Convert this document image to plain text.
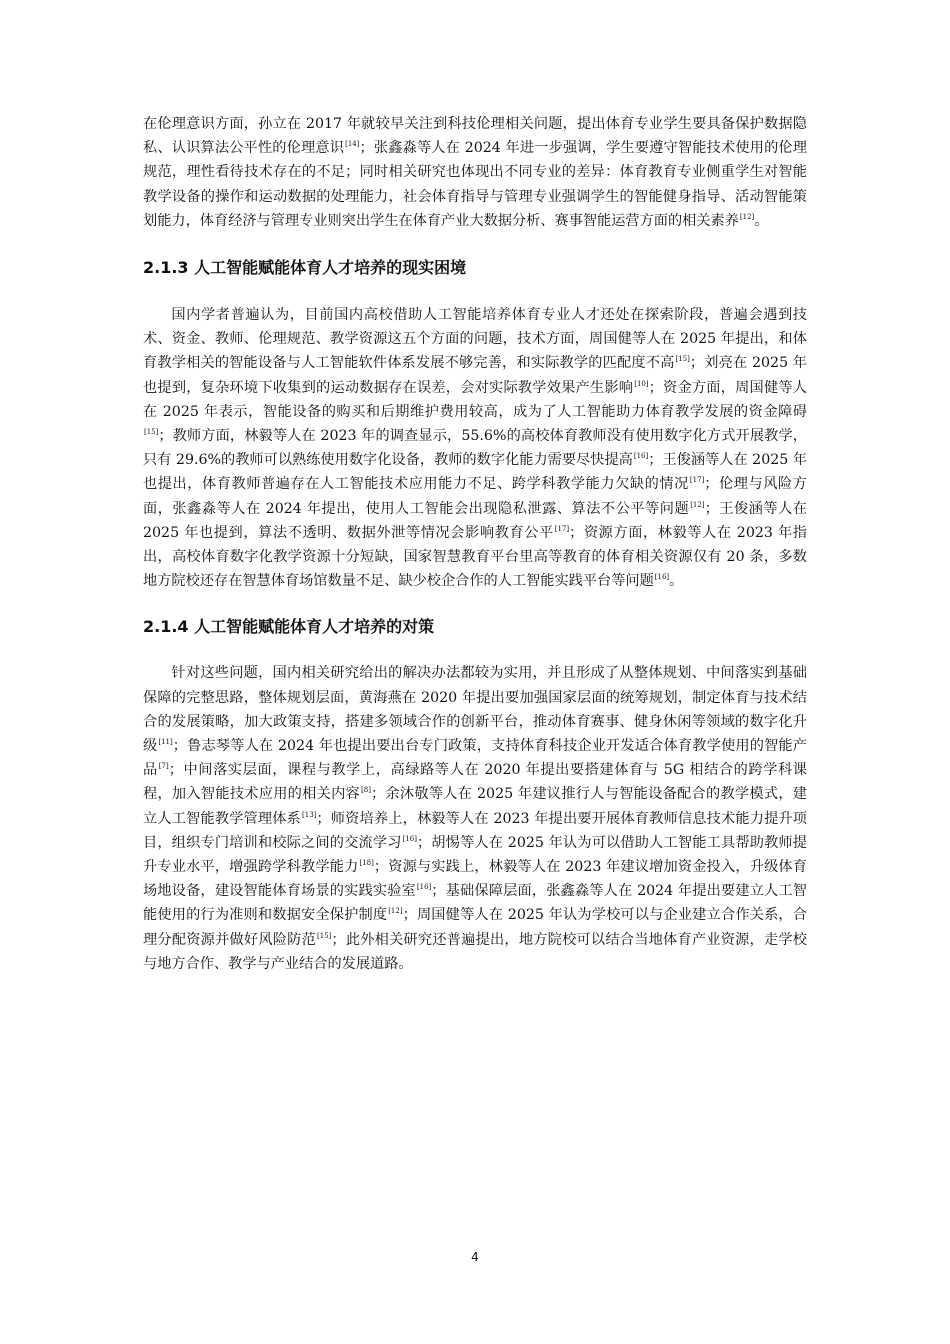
在伦理意识方面，孙立在 2017 年就较早关注到科技伦理相关问题，提出体育专业学生要具备保护数据隐私、认识算法公平性的伦理意识[14]；张鑫淼等人在 2024 年进一步强调，学生要遵守智能技术使用的伦理规范，理性看待技术存在的不足；同时相关研究也体现出不同专业的差异：体育教育专业侧重学生对智能教学设备的操作和运动数据的处理能力，社会体育指导与管理专业强调学生的智能健身指导、活动智能策划能力，体育经济与管理专业则突出学生在体育产业大数据分析、赛事智能运营方面的相关素养[12]。

2.1.3 人工智能赋能体育人才培养的现实困境

国内学者普遍认为，目前国内高校借助人工智能培养体育专业人才还处在探索阶段，普遍会遇到技术、资金、教师、伦理规范、教学资源这五个方面的问题，技术方面，周国健等人在 2025 年提出，和体育教学相关的智能设备与人工智能软件体系发展不够完善，和实际教学的匹配度不高[15]；刘亮在 2025 年也提到，复杂环境下收集到的运动数据存在误差，会对实际教学效果产生影响[10]；资金方面，周国健等人在 2025 年表示，智能设备的购买和后期维护费用较高，成为了人工智能助力体育教学发展的资金障碍[15]；教师方面，林毅等人在 2023 年的调查显示，55.6%的高校体育教师没有使用数字化方式开展教学，只有 29.6%的教师可以熟练使用数字化设备，教师的数字化能力需要尽快提高[16]；王俊涵等人在 2025 年也提出，体育教师普遍存在人工智能技术应用能力不足、跨学科教学能力欠缺的情况[17]；伦理与风险方面，张鑫淼等人在 2024 年提出，使用人工智能会出现隐私泄露、算法不公平等问题[12]；王俊涵等人在 2025 年也提到，算法不透明、数据外泄等情况会影响教育公平[17]；资源方面，林毅等人在 2023 年指出，高校体育数字化教学资源十分短缺，国家智慧教育平台里高等教育的体育相关资源仅有 20 条，多数地方院校还存在智慧体育场馆数量不足、缺少校企合作的人工智能实践平台等问题[16]。

2.1.4 人工智能赋能体育人才培养的对策

针对这些问题，国内相关研究给出的解决办法都较为实用，并且形成了从整体规划、中间落实到基础保障的完整思路，整体规划层面，黄海燕在 2020 年提出要加强国家层面的统筹规划，制定体育与技术结合的发展策略，加大政策支持，搭建多领域合作的创新平台，推动体育赛事、健身休闲等领域的数字化升级[11]；鲁志琴等人在 2024 年也提出要出台专门政策，支持体育科技企业开发适合体育教学使用的智能产品[7]；中间落实层面，课程与教学上，高绿路等人在 2020 年提出要搭建体育与 5G 相结合的跨学科课程，加入智能技术应用的相关内容[8]；余沐敬等人在 2025 年建议推行人与智能设备配合的教学模式，建立人工智能教学管理体系[13]；师资培养上，林毅等人在 2023 年提出要开展体育教师信息技术能力提升项目，组织专门培训和校际之间的交流学习[16]；胡惕等人在 2025 年认为可以借助人工智能工具帮助教师提升专业水平，增强跨学科教学能力[18]；资源与实践上，林毅等人在 2023 年建议增加资金投入，升级体育场地设备，建设智能体育场景的实践实验室[16]；基础保障层面，张鑫淼等人在 2024 年提出要建立人工智能使用的行为准则和数据安全保护制度[12]；周国健等人在 2025 年认为学校可以与企业建立合作关系，合理分配资源并做好风险防范[15]；此外相关研究还普遍提出，地方院校可以结合当地体育产业资源，走学校与地方合作、教学与产业结合的发展道路。

4
